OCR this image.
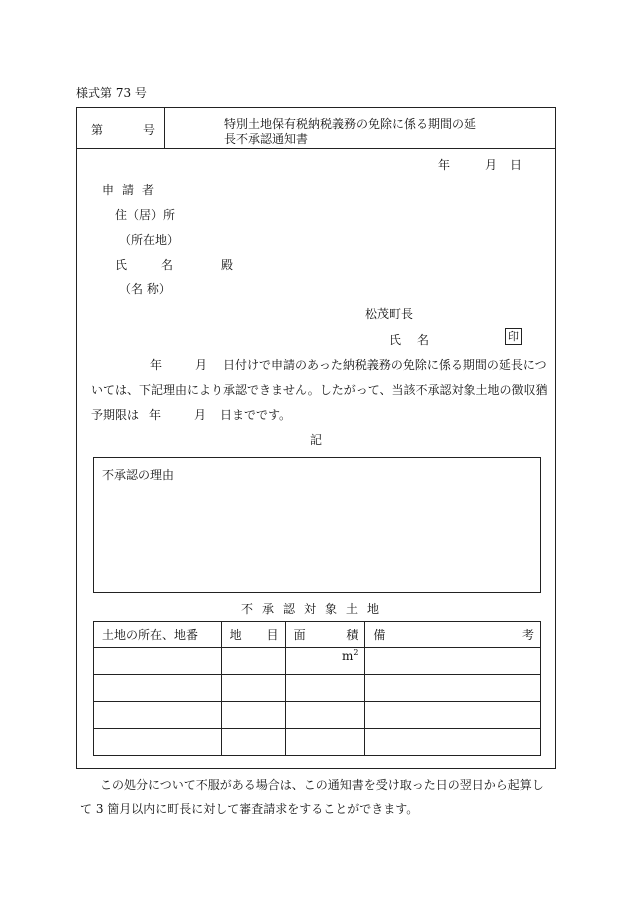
様式第 73 号
第	号	特別土地保有税納税義務の免除に係る期間の延
長不承認通知書
年	月 日
申請者
住（居）所
（所在地）
氏	名	殿
（名 称）
松茂町長
氏 名	印
年	月 日付けで申請のあった納税義務の免除に係る期間の延長につ
いては、下記理由により承認できません。したがって、当該不承認対象土地の徴収猶
予期限は 年	月 日までです。
記
不承認の理由
不承認対象土地
土地の所在、地番	地 目	面 積	備 考

		$m^2$	

この処分について不服がある場合は、この通知書を受け取った日の翌日から起算し
て 3 箇月以内に町長に対して審査請求をすることができます。
